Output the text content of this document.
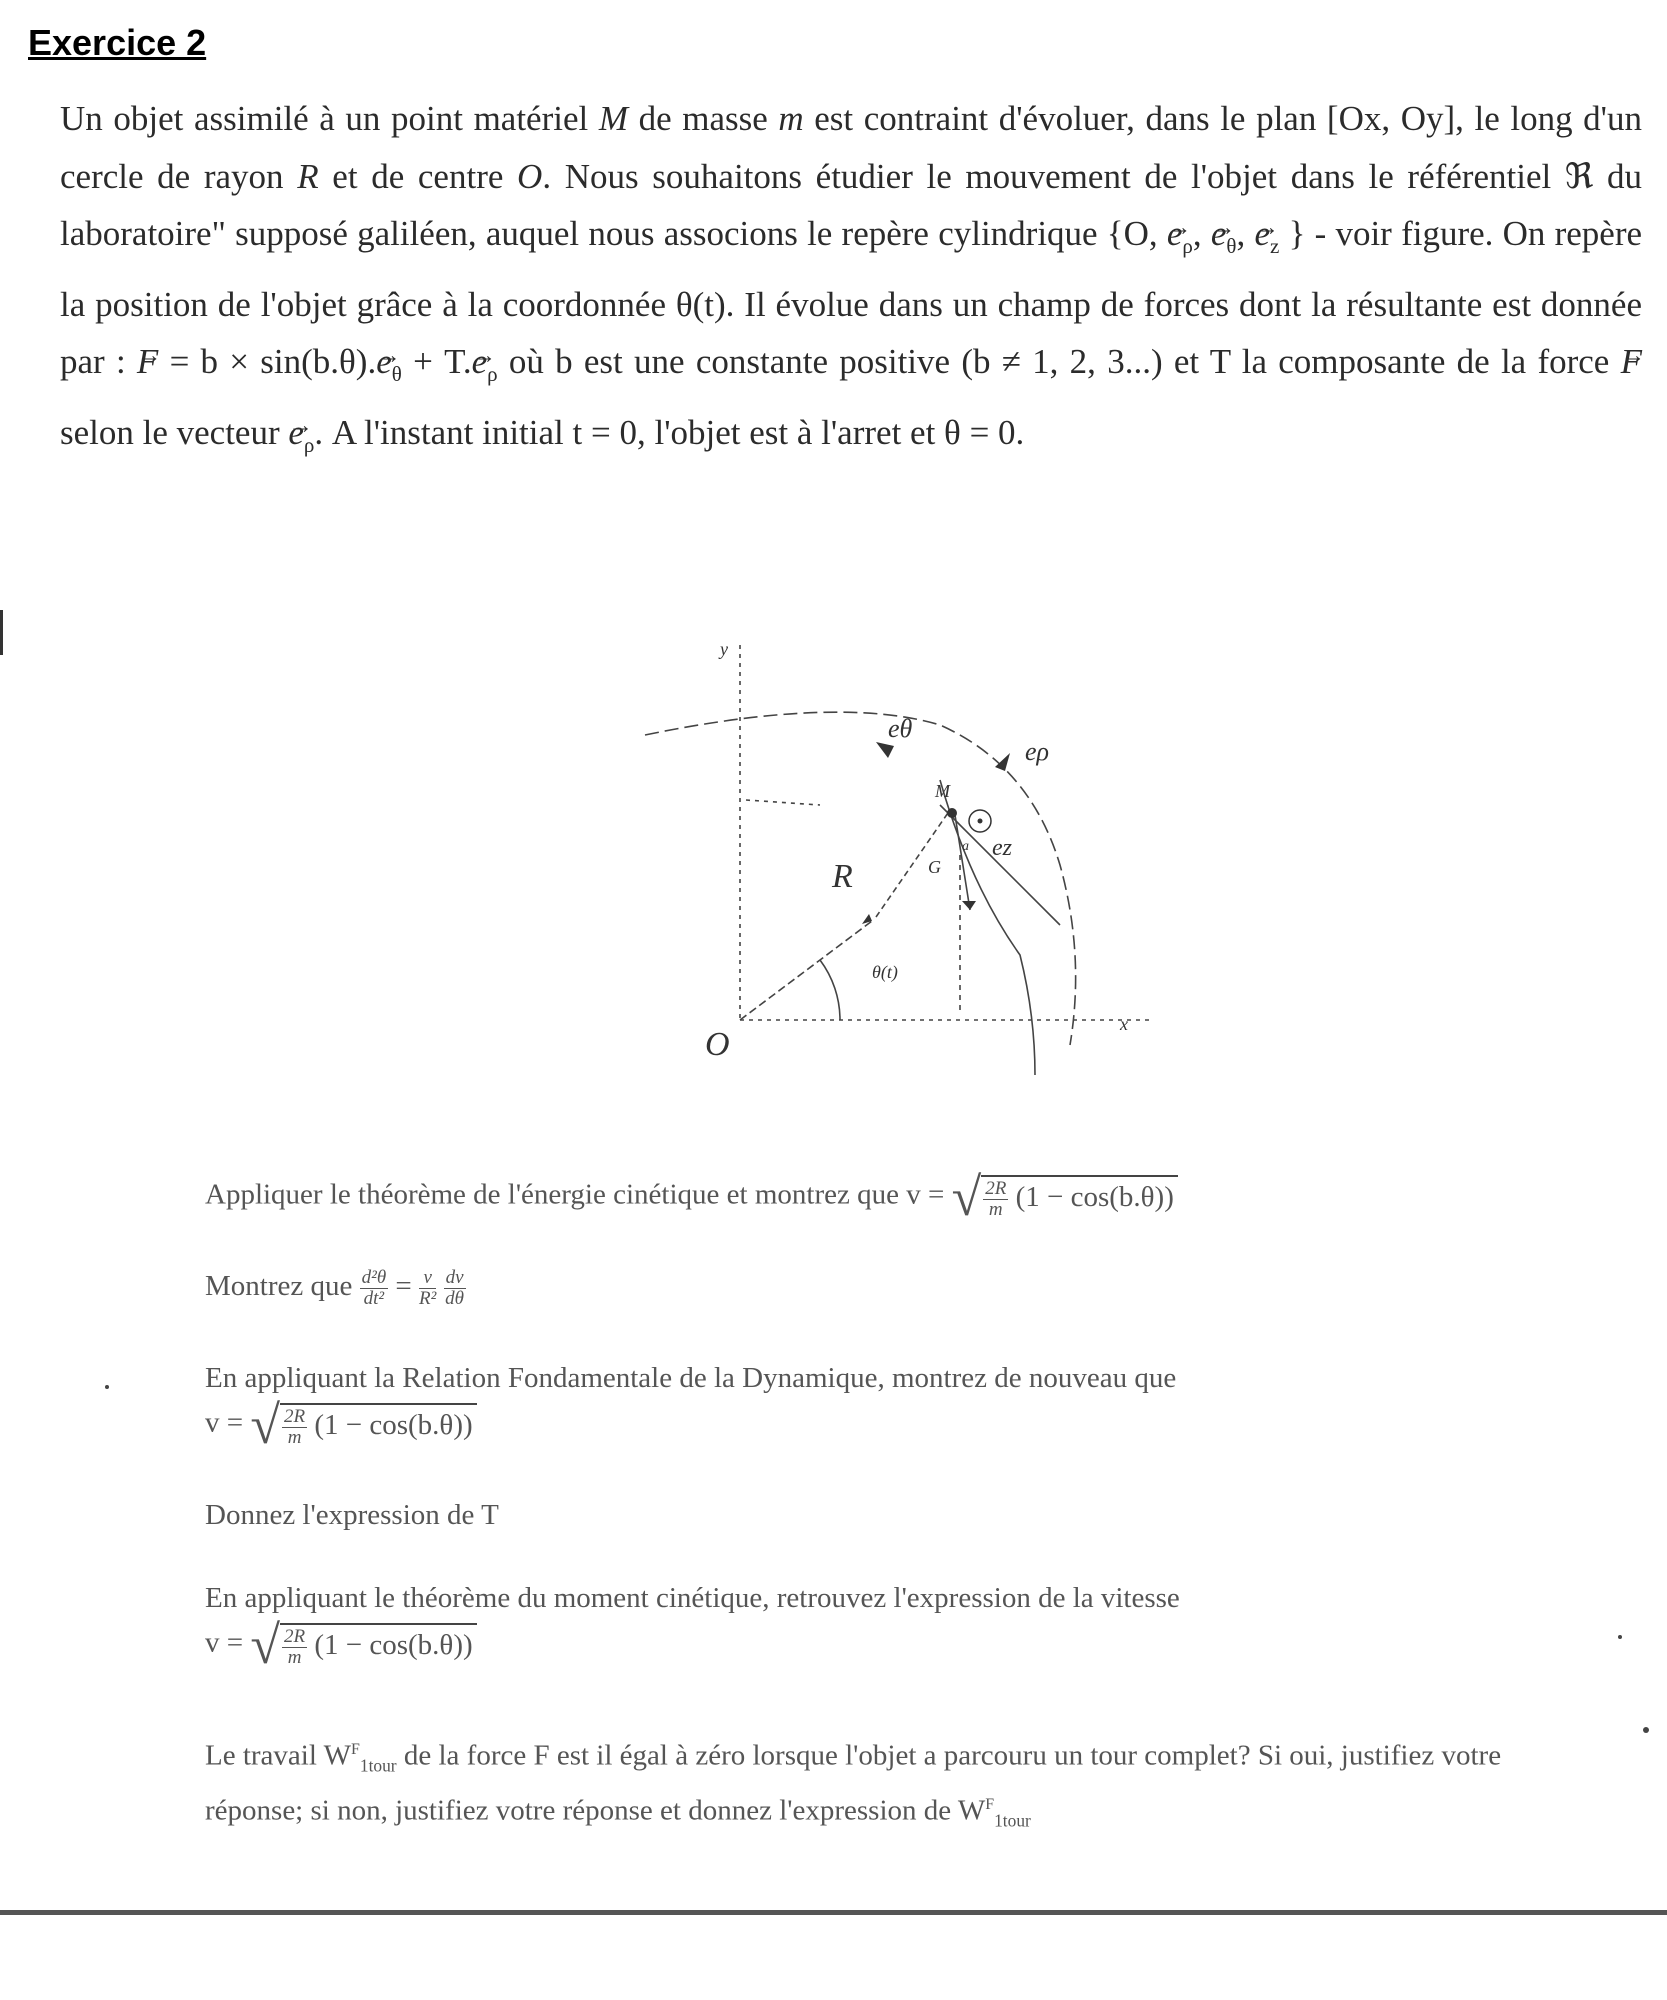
Exercice 2

Un objet assimilé à un point matériel M de masse m est contraint d'évoluer, dans le plan [Ox, Oy], le long d'un cercle de rayon R et de centre O. Nous souhaitons étudier le mouvement de l'objet dans le référentiel ℜ du laboratoire" supposé galiléen, auquel nous associons le repère cylindrique {O, → $e_\rho$, → $e_\theta$, → $e_z$ } - voir figure. On repère la position de l'objet grâce à la coordonnée θ(t). Il évolue dans un champ de forces dont la résultante est donnée par : → $F = b \times \sin(b.\theta).\to e_\theta + T.\to e_\rho$ où b est une constante positive (b ≠ 1, 2, 3...) et T la composante de la force → F selon le vecteur → $e_\rho$. A l'instant initial t = 0, l'objet est à l'arret et θ = 0.

y
x
O
R
θ(t)
M
eθ
eρ
ez
G
a
Appliquer le théorème de l'énergie cinétique et montrez que v = √ $\frac{2R}{m} (1 - \cos(b.\theta))$
Montrez que $\frac{\text{d²θ}}{\text{dt²}} = \frac{v}{\text{R²}}$
$\frac{dv}{d\theta}$

En appliquant la Relation Fondamentale de la Dynamique, montrez de nouveau que

v = √ $\frac{2R}{m} (1 - \cos(b.\theta))$

Donnez l'expression de T

En appliquant le théorème du moment cinétique, retrouvez l'expression de la vitesse

v = √ $\frac{2R}{m} (1 - \cos(b.\theta))$

Le travail $W^F_{1tour}$ de la force F est il égal à zéro lorsque l'objet a parcouru un tour complet? Si oui, justifiez votre réponse; si non, justifiez votre réponse et donnez l'expression de $W^F_{1tour}$
